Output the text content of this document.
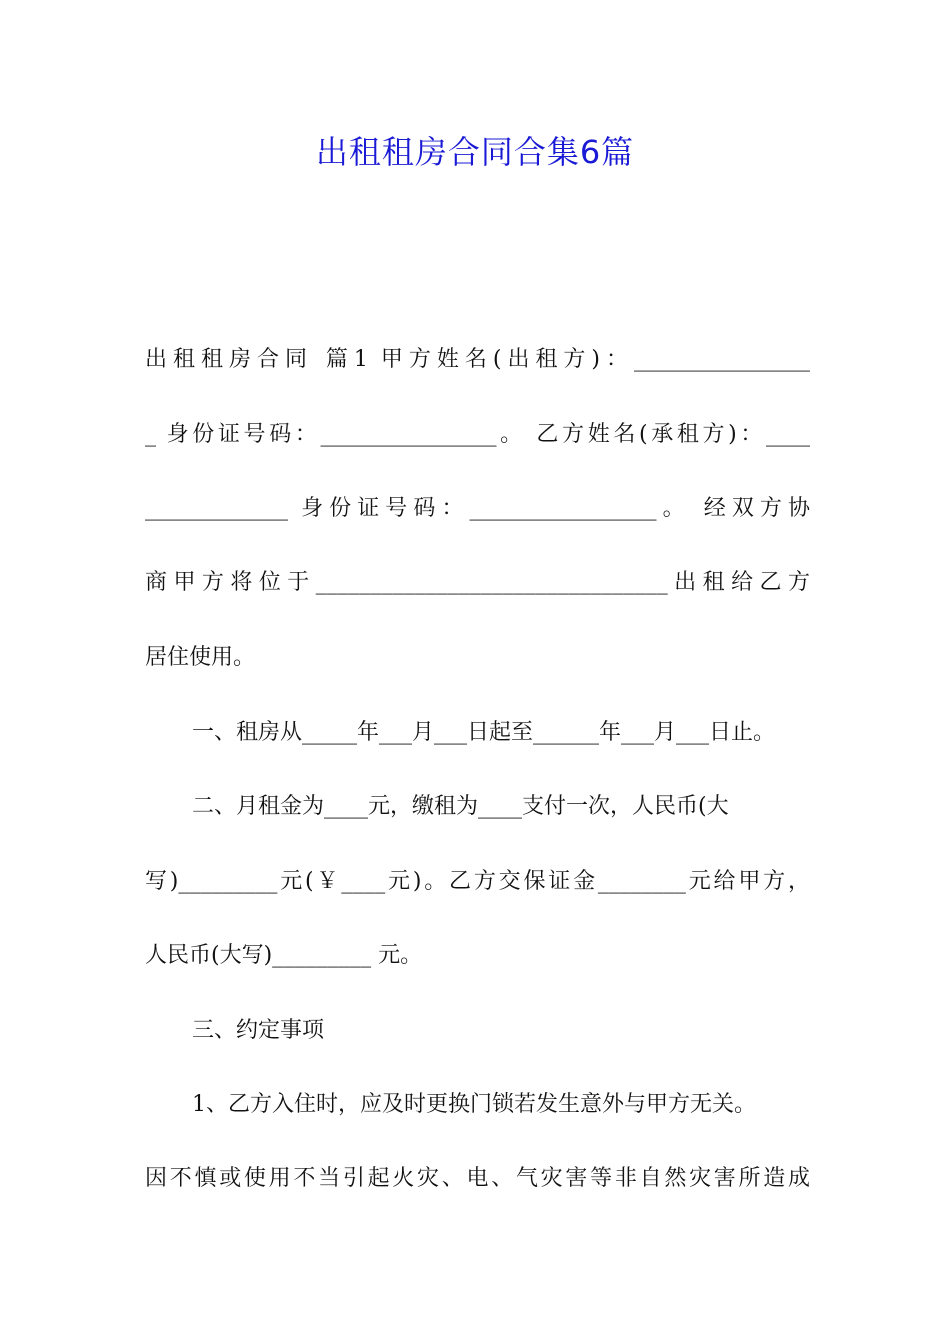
出租租房合同合集6篇
出租租房合同 篇1 甲方姓名(出租方)：________________
_ 身份证号码：________________。 乙方姓名(承租方)：____
_____________ 身份证号码：_________________。 经双方协
商甲方将位于________________________________出租给乙方
居住使用。
一、租房从_____年___月___日起至______年___月___日止。
二、月租金为____元，缴租为____支付一次，人民币(大
写)_________元(￥____元)。乙方交保证金________元给甲方，
人民币(大写)_________ 元。
三、约定事项
1、乙方入住时，应及时更换门锁若发生意外与甲方无关。
因不慎或使用不当引起火灾、电、气灾害等非自然灾害所造成
